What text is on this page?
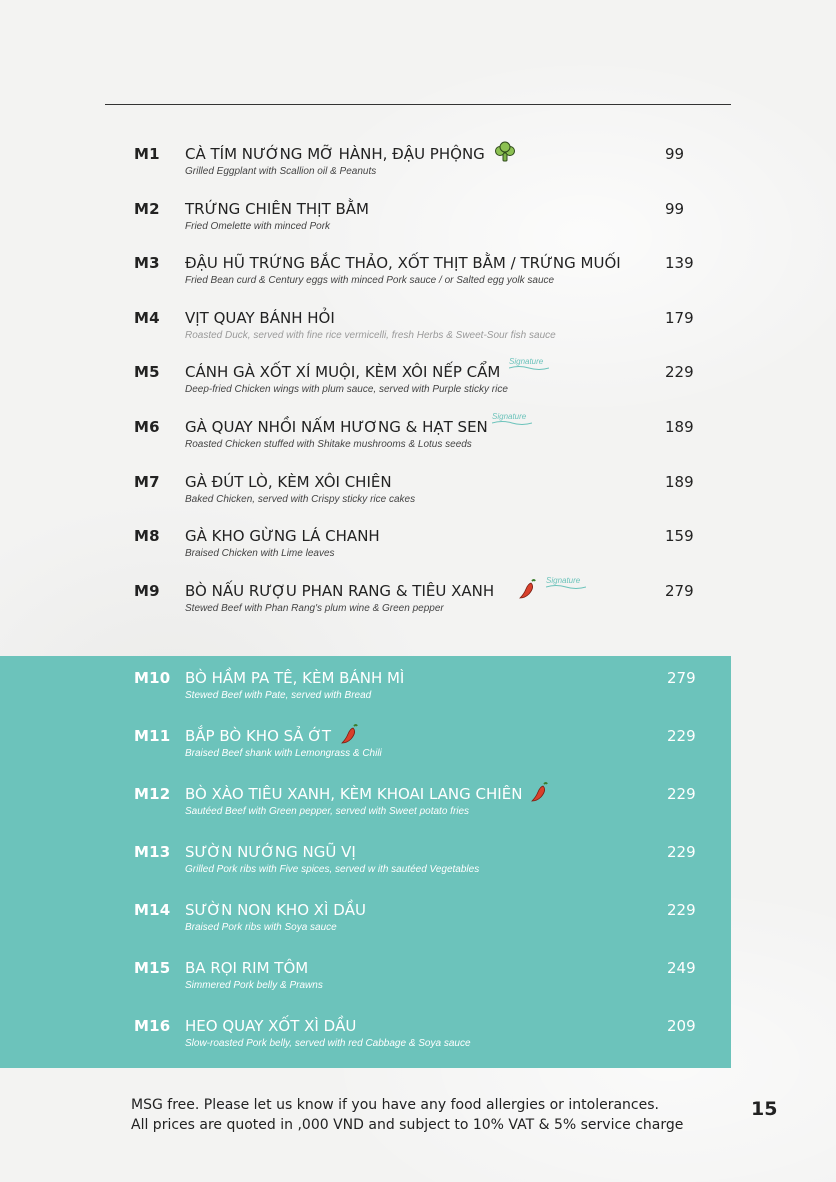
M1 CÀ TÍM NƯỚNG MỠ HÀNH, ĐẬU PHỘNG
Grilled Eggplant with Scallion oil & Peanuts
99
M2 TRỨNG CHIÊN THỊT BẰM
Fried Omelette with minced Pork
99
M3 ĐẬU HŨ TRỨNG BẮC THẢO, XỐT THỊT BẰM / TRỨNG MUỐI
Fried Bean curd & Century eggs with minced Pork sauce / or Salted egg yolk sauce
139
M4 VỊT QUAY BÁNH HỎI
Roasted Duck, served with fine rice vermicelli, fresh Herbs & Sweet-Sour fish sauce
179
M5 CÁNH GÀ XỐT XÍ MUỘI, KÈM XÔI NẾP CẨM
Signature
Deep-fried Chicken wings with plum sauce, served with Purple sticky rice
229
M6 GÀ QUAY NHỒI NẤM HƯƠNG & HẠT SEN
Signature
Roasted Chicken stuffed with Shitake mushrooms & Lotus seeds
189
M7 GÀ ĐÚT LÒ, KÈM XÔI CHIÊN
Baked Chicken, served with Crispy sticky rice cakes
189
M8 GÀ KHO GỪNG LÁ CHANH
Braised Chicken with Lime leaves
159
M9 BÒ NẤU RƯỢU PHAN RANG & TIÊU XANH
Signature
Stewed Beef with Phan Rang's plum wine & Green pepper
279
M10 BÒ HẦM PA TÊ, KÈM BÁNH MÌ
Stewed Beef with Pate, served with Bread
279
M11 BẮP BÒ KHO SẢ ỚT
Braised Beef shank with Lemongrass & Chili
229
M12 BÒ XÀO TIÊU XANH, KÈM KHOAI LANG CHIÊN
Sautéed Beef with Green pepper, served with Sweet potato fries
229
M13 SƯỜN NƯỚNG NGŨ VỊ
Grilled Pork ribs with Five spices, served w ith sautéed Vegetables
229
M14 SƯỜN NON KHO XÌ DẦU
Braised Pork ribs with Soya sauce
229
M15 BA RỌI RIM TÔM
Simmered Pork belly & Prawns
249
M16 HEO QUAY XỐT XÌ DẦU
Slow-roasted Pork belly, served with red Cabbage & Soya sauce
209
MSG free. Please let us know if you have any food allergies or intolerances.
All prices are quoted in ,000 VND and subject to 10% VAT & 5% service charge
15
